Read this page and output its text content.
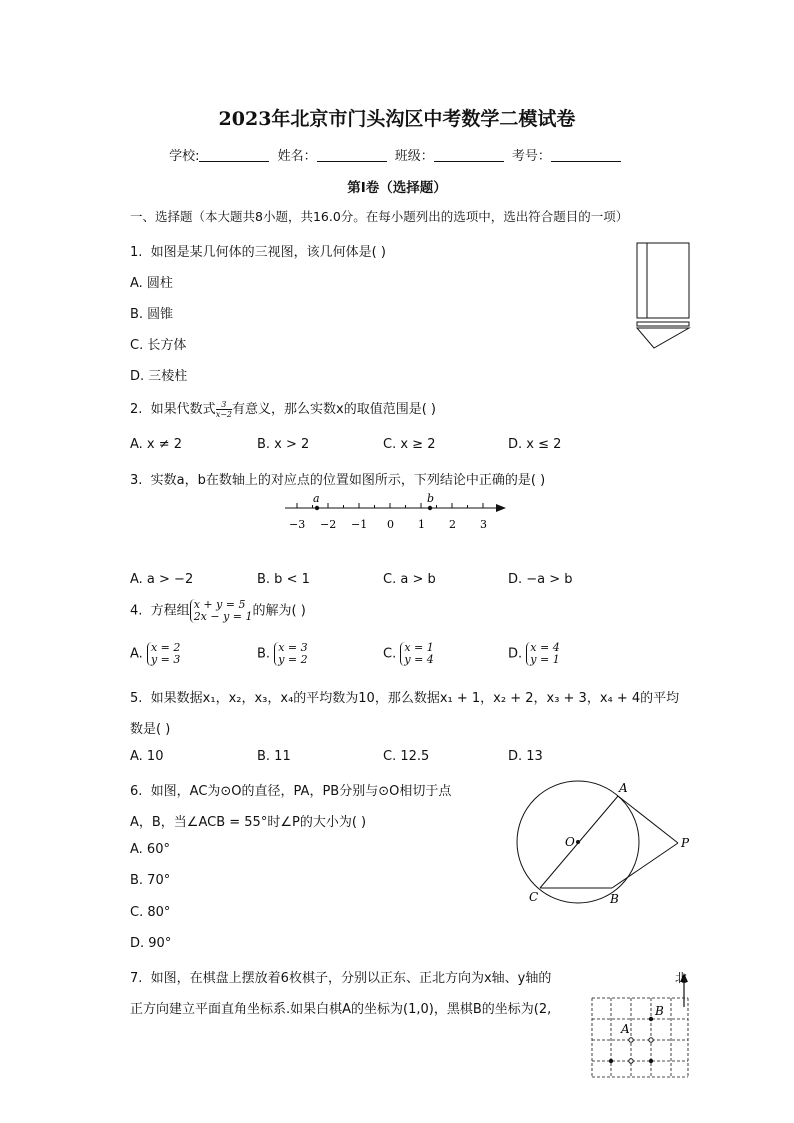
2023年北京市门头沟区中考数学二模试卷
学校:	姓名：	班级：	考号：
第Ⅰ卷（选择题）
一、选择题（本大题共8小题，共16.0分。在每小题列出的选项中，选出符合题目的一项）
1. 如图是某几何体的三视图，该几何体是( )
A. 圆柱
B. 圆锥
C. 长方体
D. 三棱柱
2. 如果代数式 $\frac{3}{x-2}$有意义，那么实数x的取值范围是( )
A. x ≠ 2	B. x > 2	C. x ≥ 2	D. x ≤ 2
3. 实数a，b在数轴上的对应点的位置如图所示，下列结论中正确的是( )
−3 −2 −1 0 1 2 3
a	b
A. a > −2	B. b < 1	C. a > b	D. −a > b
4. 方程组 x + y = 5
2x − y = 1的解为( )
A. x = 2
y = 3	B. x = 3
y = 2	C. x = 1
y = 4	D. x = 4
y = 1
5. 如果数据x₁，x₂，x₃，x₄的平均数为10，那么数据x₁ + 1，x₂ + 2，x₃ + 3，x₄ + 4的平均
数是( )
A. 10	B. 11	C. 12.5	D. 13
6. 如图，AC为⊙O的直径，PA，PB分别与⊙O相切于点
A，B，当∠ACB = 55°时∠P的大小为( )
A. 60°
B. 70°
C. 80°
D. 90°
A
B
C
O	P
7. 如图，在棋盘上摆放着6枚棋子，分别以正东、正北方向为x轴、y轴的
正方向建立平面直角坐标系.如果白棋A的坐标为(1,0)，黑棋B的坐标为(2,
北
A
B
